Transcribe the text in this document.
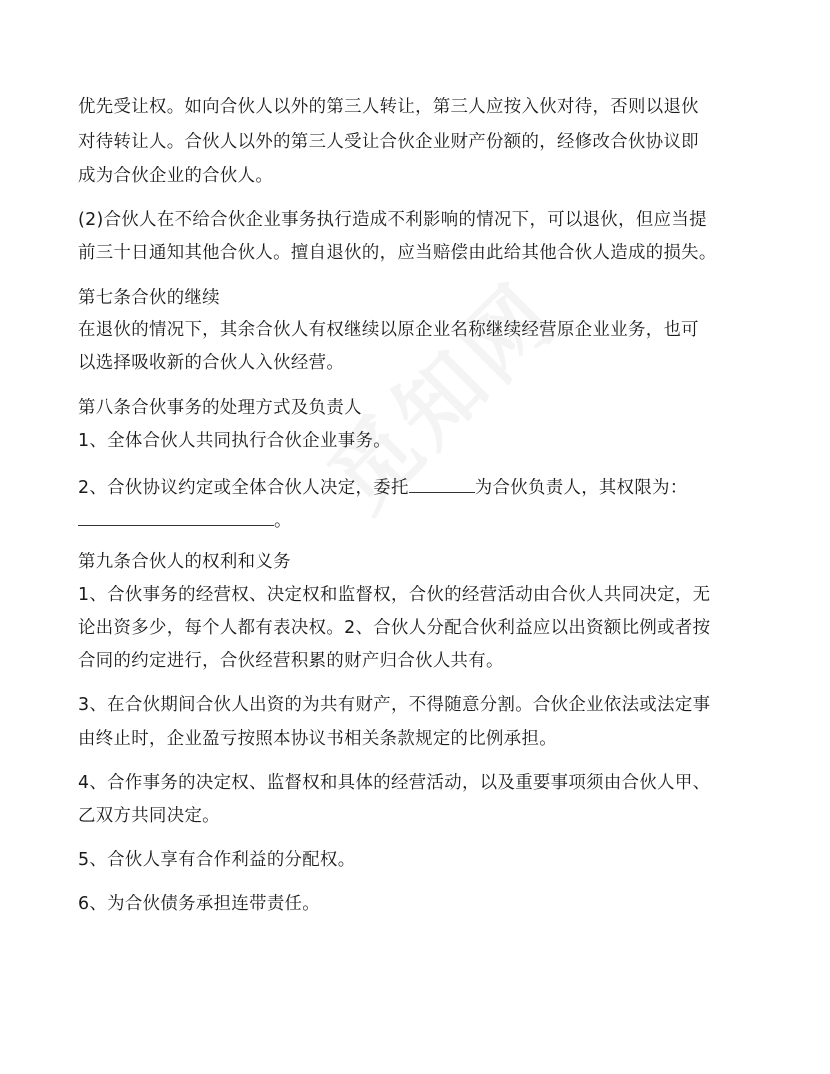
优先受让权。如向合伙人以外的第三人转让，第三人应按入伙对待，否则以退伙
对待转让人。合伙人以外的第三人受让合伙企业财产份额的，经修改合伙协议即
成为合伙企业的合伙人。
(2)合伙人在不给合伙企业事务执行造成不利影响的情况下，可以退伙，但应当提
前三十日通知其他合伙人。擅自退伙的，应当赔偿由此给其他合伙人造成的损失。
第七条合伙的继续
在退伙的情况下，其余合伙人有权继续以原企业名称继续经营原企业业务，也可
以选择吸收新的合伙人入伙经营。
第八条合伙事务的处理方式及负责人
1、全体合伙人共同执行合伙企业事务。
2、合伙协议约定或全体合伙人决定，委托	为合伙负责人，其权限为：
。
第九条合伙人的权利和义务
1、合伙事务的经营权、决定权和监督权，合伙的经营活动由合伙人共同决定，无
论出资多少，每个人都有表决权。2、合伙人分配合伙利益应以出资额比例或者按
合同的约定进行，合伙经营积累的财产归合伙人共有。
3、在合伙期间合伙人出资的为共有财产，不得随意分割。合伙企业依法或法定事
由终止时，企业盈亏按照本协议书相关条款规定的比例承担。
4、合作事务的决定权、监督权和具体的经营活动，以及重要事项须由合伙人甲、
乙双方共同决定。
5、合伙人享有合作利益的分配权。
6、为合伙债务承担连带责任。
